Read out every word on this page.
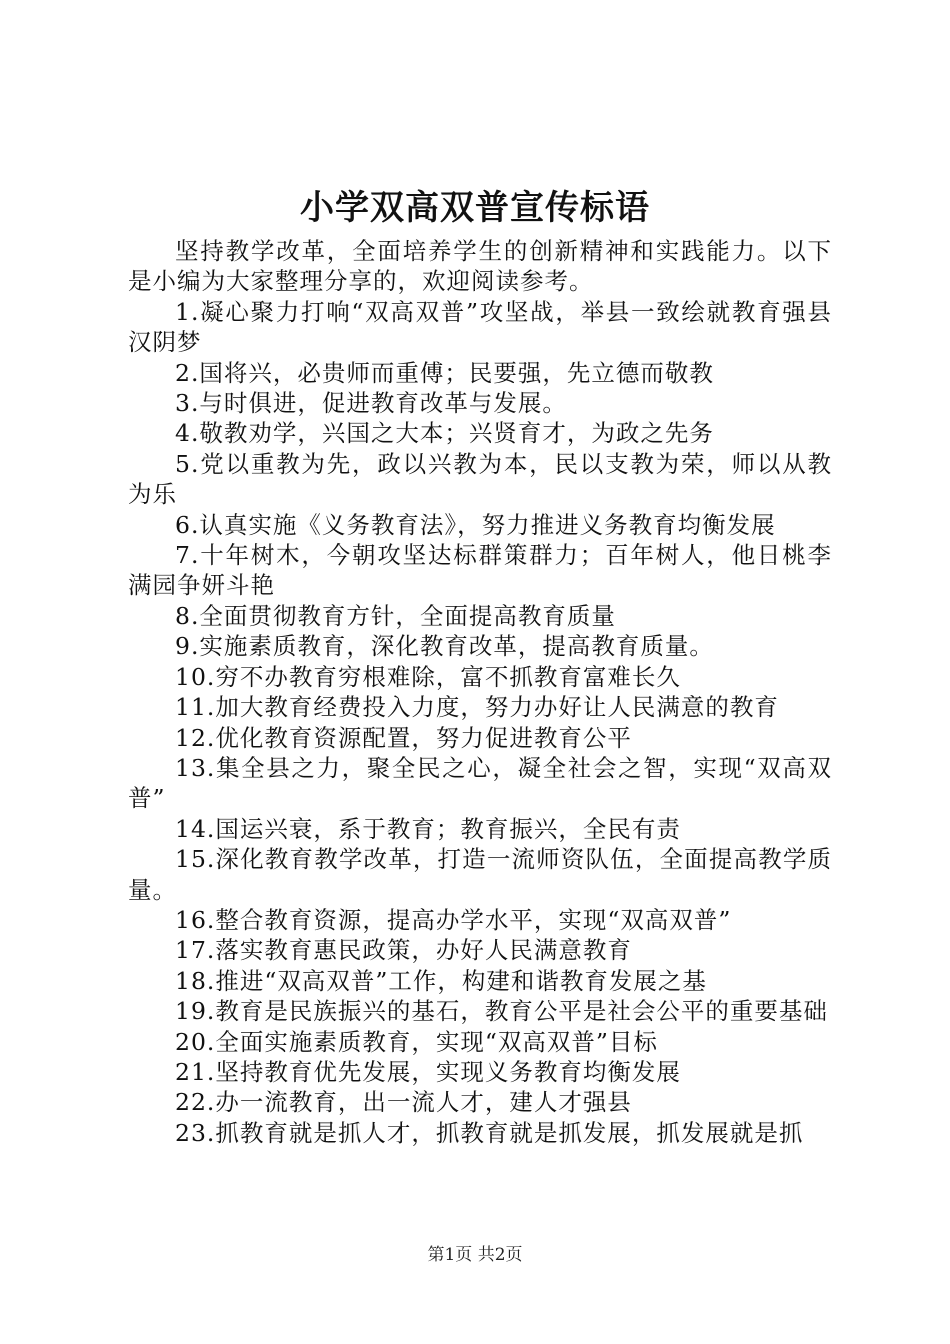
小学双高双普宣传标语

坚持教学改革，全面培养学生的创新精神和实践能力。以下是小编为大家整理分享的，欢迎阅读参考。

1.凝心聚力打响“双高双普”攻坚战，举县一致绘就教育强县汉阴梦

2.国将兴，必贵师而重傅；民要强，先立德而敬教

3.与时俱进，促进教育改革与发展。

4.敬教劝学，兴国之大本；兴贤育才，为政之先务

5.党以重教为先，政以兴教为本，民以支教为荣，师以从教为乐

6.认真实施《义务教育法》，努力推进义务教育均衡发展

7.十年树木，今朝攻坚达标群策群力；百年树人，他日桃李满园争妍斗艳

8.全面贯彻教育方针，全面提高教育质量

9.实施素质教育，深化教育改革，提高教育质量。

10.穷不办教育穷根难除，富不抓教育富难长久

11.加大教育经费投入力度，努力办好让人民满意的教育

12.优化教育资源配置，努力促进教育公平

13.集全县之力，聚全民之心，凝全社会之智，实现“双高双普”

14.国运兴衰，系于教育；教育振兴，全民有责

15.深化教育教学改革，打造一流师资队伍，全面提高教学质量。

16.整合教育资源，提高办学水平，实现“双高双普”

17.落实教育惠民政策，办好人民满意教育

18.推进“双高双普”工作，构建和谐教育发展之基

19.教育是民族振兴的基石，教育公平是社会公平的重要基础

20.全面实施素质教育，实现“双高双普”目标

21.坚持教育优先发展，实现义务教育均衡发展

22.办一流教育，出一流人才，建人才强县

23.抓教育就是抓人才，抓教育就是抓发展，抓发展就是抓

第1页 共2页
